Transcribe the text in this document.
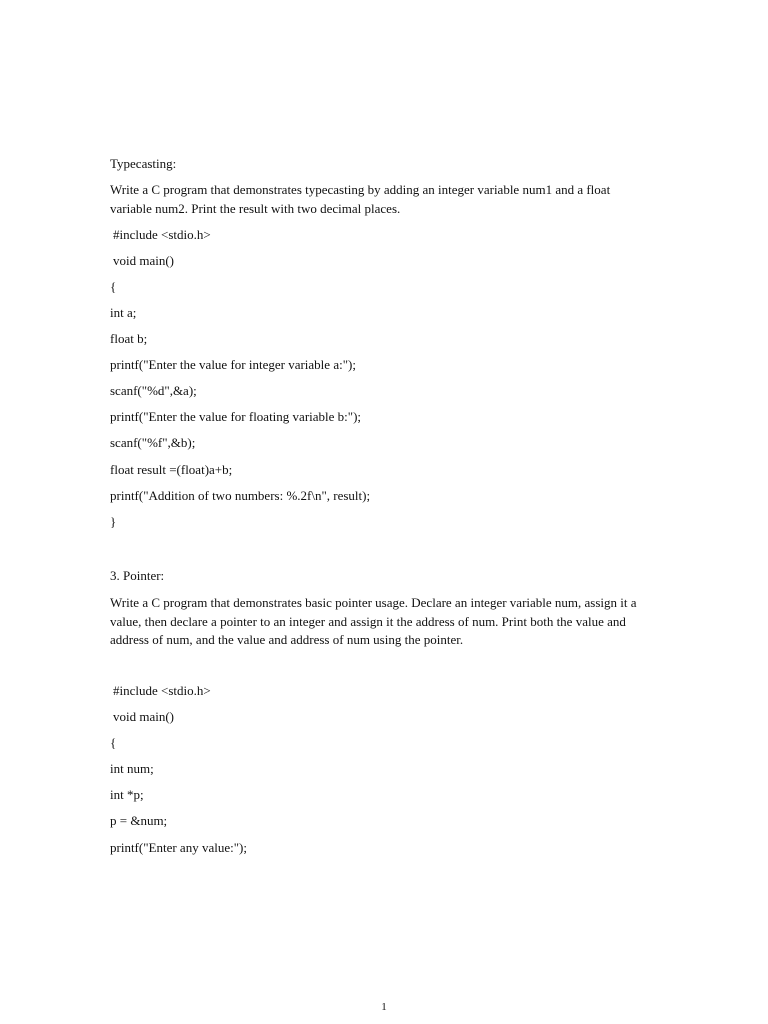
Typecasting:
Write a C program that demonstrates typecasting by adding an integer variable num1 and a float variable num2. Print the result with two decimal places.
#include <stdio.h>
void main()
{
int a;
float b;
printf("Enter the value for integer variable a:");
scanf("%d",&a);
printf("Enter the value for floating variable b:");
scanf("%f",&b);
float result =(float)a+b;
printf("Addition of two numbers: %.2f\n", result);
}
3. Pointer:
Write a C program that demonstrates basic pointer usage. Declare an integer variable num, assign it a value, then declare a pointer to an integer and assign it the address of num. Print both the value and address of num, and the value and address of num using the pointer.
#include <stdio.h>
void main()
{
int num;
int *p;
p = &num;
printf("Enter any value:");
1
